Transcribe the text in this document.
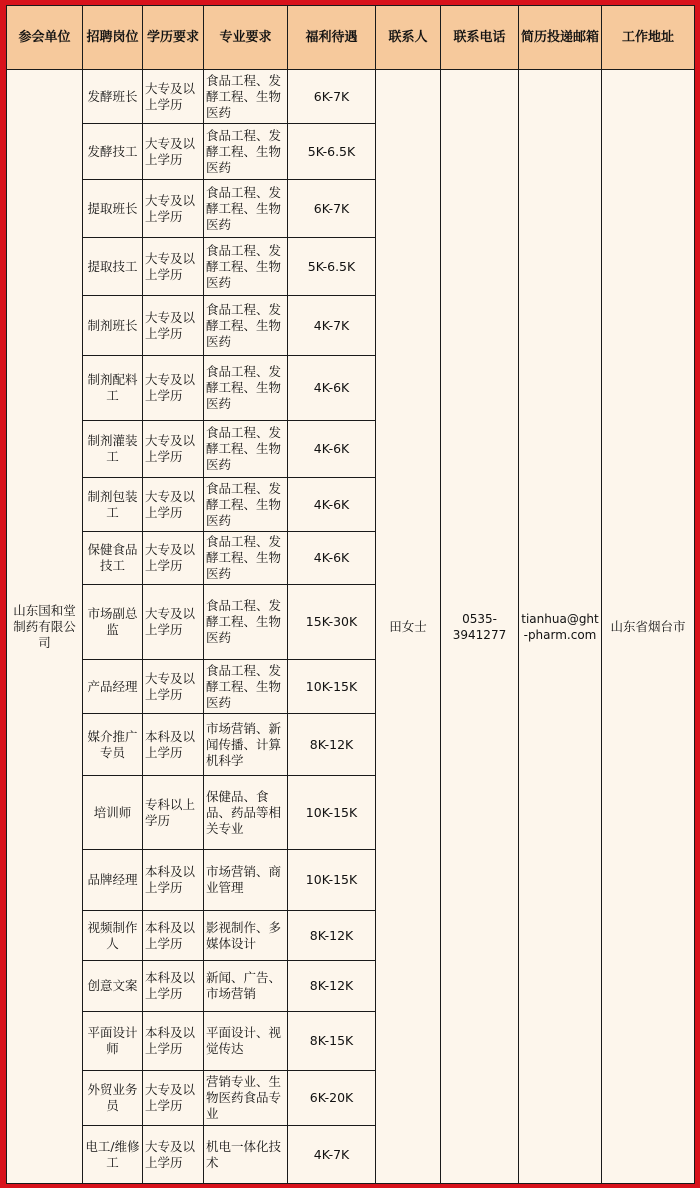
参会单位	招聘岗位	学历要求	专业要求	福利待遇	联系人	联系电话	简历投递邮箱	工作地址
山东国和堂制药有限公司	发酵班长	大专及以上学历	食品工程、发酵工程、生物医药	6K-7K	田女士	0535-3941277	tianhua@ght-pharm.com	山东省烟台市
	发酵技工	大专及以上学历	食品工程、发酵工程、生物医药	5K-6.5K				
	提取班长	大专及以上学历	食品工程、发酵工程、生物医药	6K-7K				
	提取技工	大专及以上学历	食品工程、发酵工程、生物医药	5K-6.5K				
	制剂班长	大专及以上学历	食品工程、发酵工程、生物医药	4K-7K				
	制剂配料工	大专及以上学历	食品工程、发酵工程、生物医药	4K-6K				
	制剂灌装工	大专及以上学历	食品工程、发酵工程、生物医药	4K-6K				
	制剂包装工	大专及以上学历	食品工程、发酵工程、生物医药	4K-6K				
	保健食品技工	大专及以上学历	食品工程、发酵工程、生物医药	4K-6K				
	市场副总监	大专及以上学历	食品工程、发酵工程、生物医药	15K-30K				
	产品经理	大专及以上学历	食品工程、发酵工程、生物医药	10K-15K				
	媒介推广专员	本科及以上学历	市场营销、新闻传播、计算机科学	8K-12K				
	培训师	专科以上学历	保健品、食品、药品等相关专业	10K-15K				
	品牌经理	本科及以上学历	市场营销、商业管理	10K-15K				
	视频制作人	本科及以上学历	影视制作、多媒体设计	8K-12K				
	创意文案	本科及以上学历	新闻、广告、市场营销	8K-12K				
	平面设计师	本科及以上学历	平面设计、视觉传达	8K-15K				
	外贸业务员	大专及以上学历	营销专业、生物医药食品专业	6K-20K				
	电工/维修工	大专及以上学历	机电一体化技术	4K-7K				
